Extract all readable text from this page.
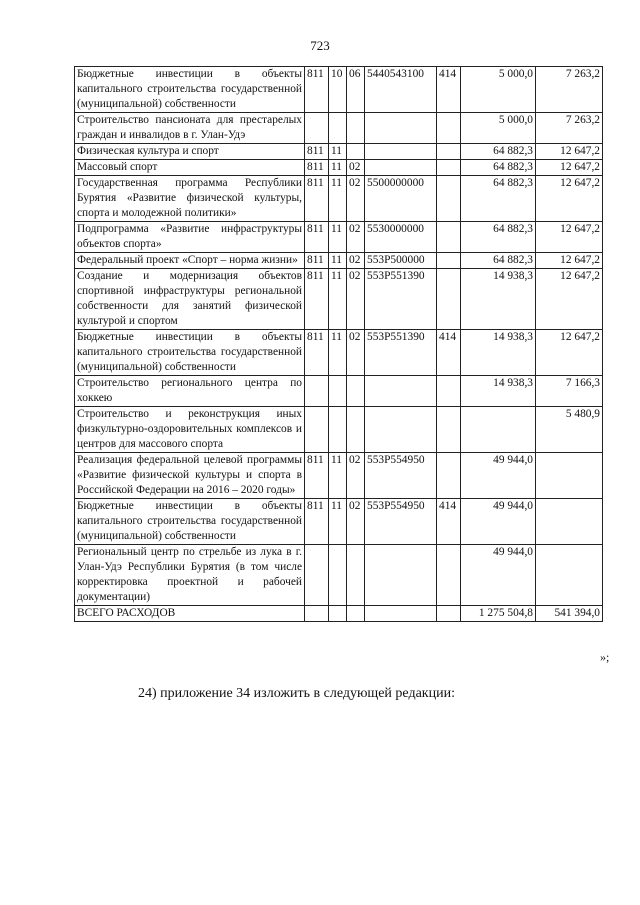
723
Бюджетные инвестиции в объекты капитального строительства государственной (муниципальной) собственности	811	10	06	5440543100	414	5 000,0	7 263,2
Строительство пансионата для престарелых граждан и инвалидов в г. Улан-Удэ						5 000,0	7 263,2
Физическая культура и спорт	811	11				64 882,3	12 647,2
Массовый спорт	811	11	02			64 882,3	12 647,2
Государственная программа Республики Бурятия «Развитие физической культуры, спорта и молодежной политики»	811	11	02	5500000000		64 882,3	12 647,2
Подпрограмма «Развитие инфраструктуры объектов спорта»	811	11	02	5530000000		64 882,3	12 647,2
Федеральный проект «Спорт – норма жизни»	811	11	02	553P500000		64 882,3	12 647,2
Создание и модернизация объектов спортивной инфраструктуры региональной собственности для занятий физической культурой и спортом	811	11	02	553P551390		14 938,3	12 647,2
Бюджетные инвестиции в объекты капитального строительства государственной (муниципальной) собственности	811	11	02	553P551390	414	14 938,3	12 647,2
Строительство регионального центра по хоккею						14 938,3	7 166,3
Строительство и реконструкция иных физкультурно-оздоровительных комплексов и центров для массового спорта							5 480,9
Реализация федеральной целевой программы «Развитие физической культуры и спорта в Российской Федерации на 2016 – 2020 годы»	811	11	02	553P554950		49 944,0	
Бюджетные инвестиции в объекты капитального строительства государственной (муниципальной) собственности	811	11	02	553P554950	414	49 944,0	
Региональный центр по стрельбе из лука в г. Улан-Удэ Республики Бурятия (в том числе корректировка проектной и рабочей документации)						49 944,0	
ВСЕГО РАСХОДОВ						1 275 504,8	541 394,0
»;
24) приложение 34 изложить в следующей редакции:
